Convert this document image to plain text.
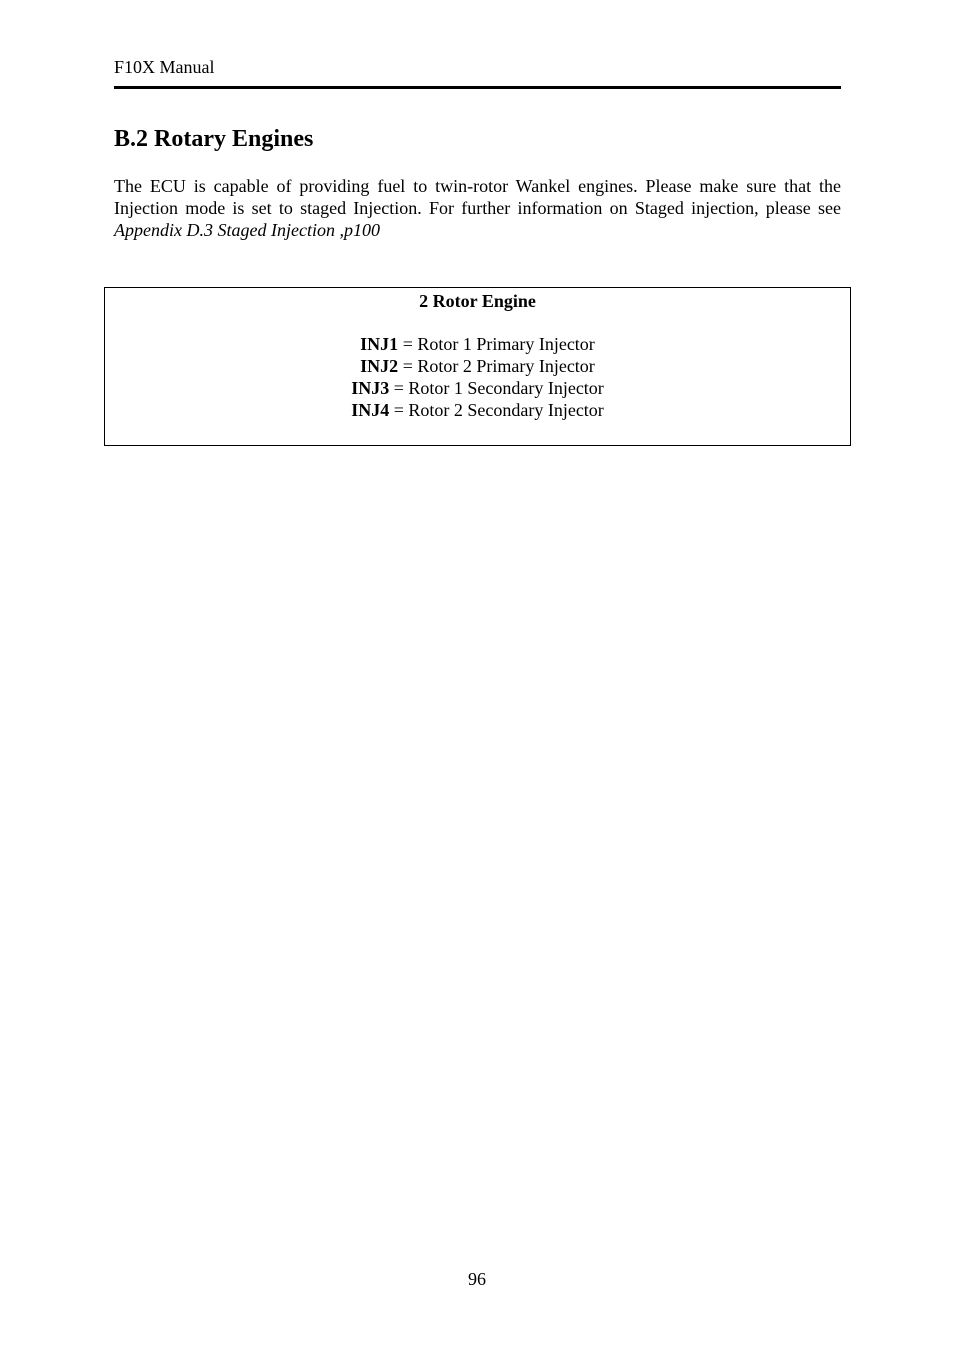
F10X Manual
B.2 Rotary Engines

The ECU is capable of providing fuel to twin-rotor Wankel engines. Please make sure that the Injection mode is set to staged Injection. For further information on Staged injection, please see Appendix D.3 Staged Injection ,p100

2 Rotor Engine
INJ1 = Rotor 1 Primary Injector
INJ2 = Rotor 2 Primary Injector
INJ3 = Rotor 1 Secondary Injector
INJ4 = Rotor 2 Secondary Injector
96
